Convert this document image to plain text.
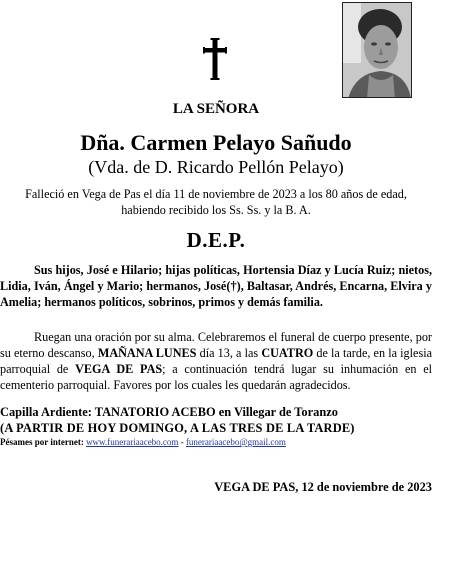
LA SEÑORA
Dña. Carmen Pelayo Sañudo
(Vda. de D. Ricardo Pellón Pelayo)
Falleció en Vega de Pas el día 11 de noviembre de 2023 a los 80 años de edad,
habiendo recibido los Ss. Ss. y la B. A.
D.E.P.
Sus hijos, José e Hilario; hijas políticas, Hortensia Díaz y Lucía Ruiz; nietos, Lidia, Iván, Ángel y Mario; hermanos, José(†), Baltasar, Andrés, Encarna, Elvira y Amelia; hermanos políticos, sobrinos, primos y demás familia.
Ruegan una oración por su alma. Celebraremos el funeral de cuerpo presente, por su eterno descanso, MAÑANA LUNES día 13, a las CUATRO de la tarde, en la iglesia parroquial de VEGA DE PAS; a continuación tendrá lugar su inhumación en el cementerio parroquial. Favores por los cuales les quedarán agradecidos.
Capilla Ardiente: TANATORIO ACEBO en Villegar de Toranzo
(A PARTIR DE HOY DOMINGO, A LAS TRES DE LA TARDE)
Pésames por internet: www.funerariaacebo.com - funerariaacebo@gmail.com
VEGA DE PAS, 12 de noviembre de 2023
